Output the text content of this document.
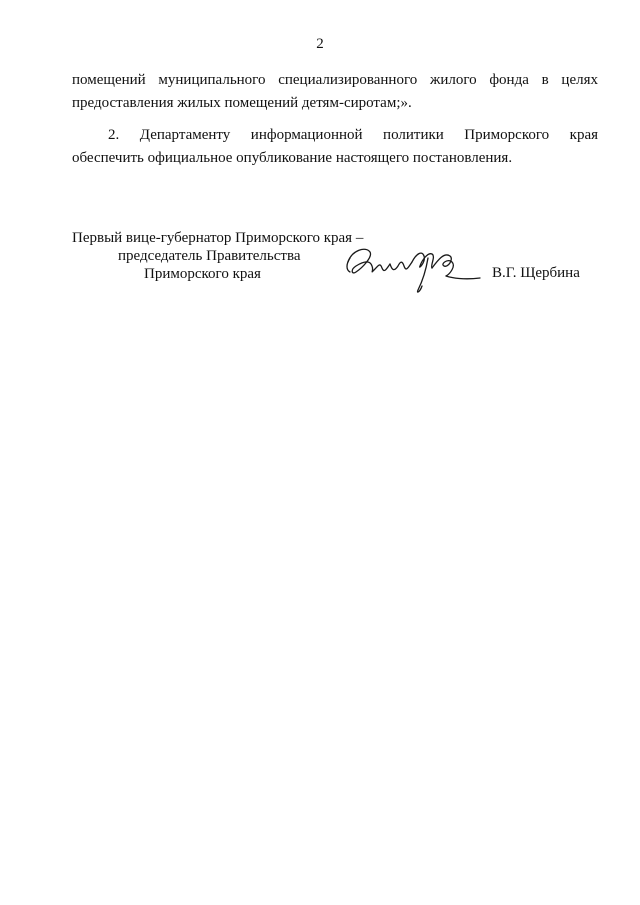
2
помещений муниципального специализированного жилого фонда в целях
предоставления жилых помещений детям-сиротам;».
2. Департаменту информационной политики Приморского края
обеспечить официальное опубликование настоящего постановления.
Первый вице-губернатор Приморского края –
председатель Правительства
Приморского края	В.Г. Щербина
